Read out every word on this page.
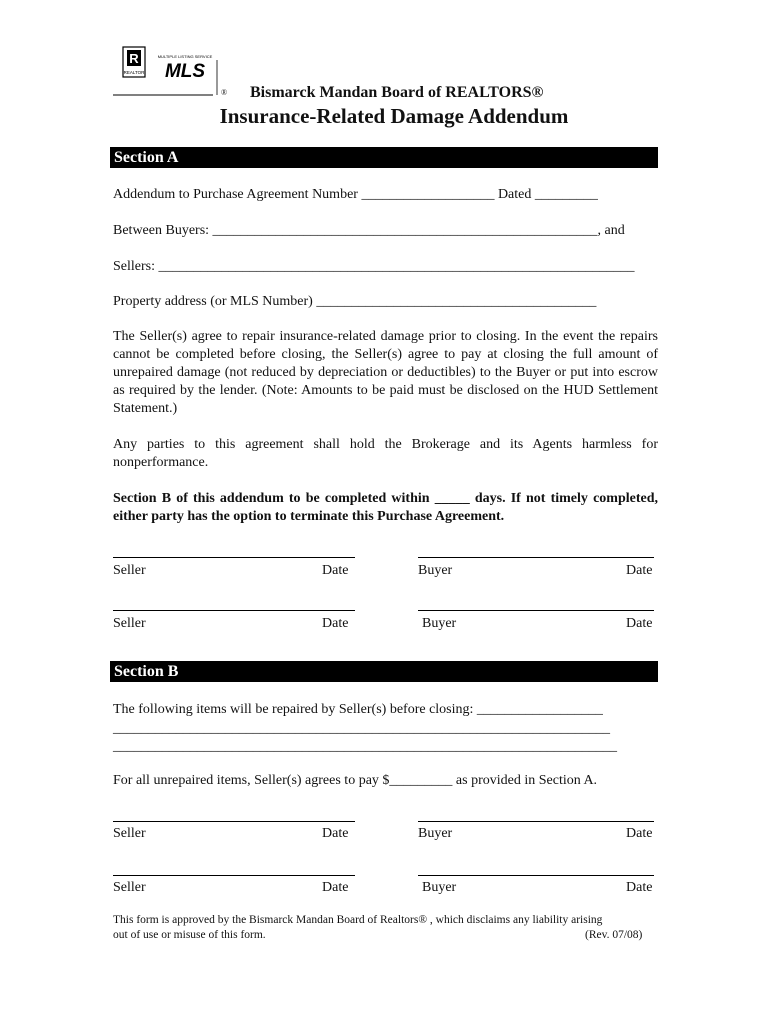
R
REALTOR
MULTIPLE LISTING SERVICE
MLS
® Bismarck Mandan Board of REALTORS®
Insurance-Related Damage Addendum
Section A
Addendum to Purchase Agreement Number ___________________ Dated _________
Between Buyers: _______________________________________________________, and
Sellers: ____________________________________________________________________
Property address (or MLS Number) ________________________________________
The Seller(s) agree to repair insurance-related damage prior to closing. In the event the repairs cannot be completed before closing, the Seller(s) agree to pay at closing the full amount of unrepaired damage (not reduced by depreciation or deductibles) to the Buyer or put into escrow as required by the lender. (Note: Amounts to be paid must be disclosed on the HUD Settlement Statement.)
Any parties to this agreement shall hold the Brokerage and its Agents harmless for nonperformance.
Section B of this addendum to be completed within _____ days. If not timely completed, either party has the option to terminate this Purchase Agreement.
Seller	Date	Buyer	Date
Seller	Date	Buyer	Date
Section B
The following items will be repaired by Seller(s) before closing: __________________
_______________________________________________________________________
________________________________________________________________________
For all unrepaired items, Seller(s) agrees to pay $_________ as provided in Section A.
Seller	Date	Buyer	Date
Seller	Date	Buyer	Date
This form is approved by the Bismarck Mandan Board of Realtors® , which disclaims any liability arising
out of use or misuse of this form.	(Rev. 07/08)
